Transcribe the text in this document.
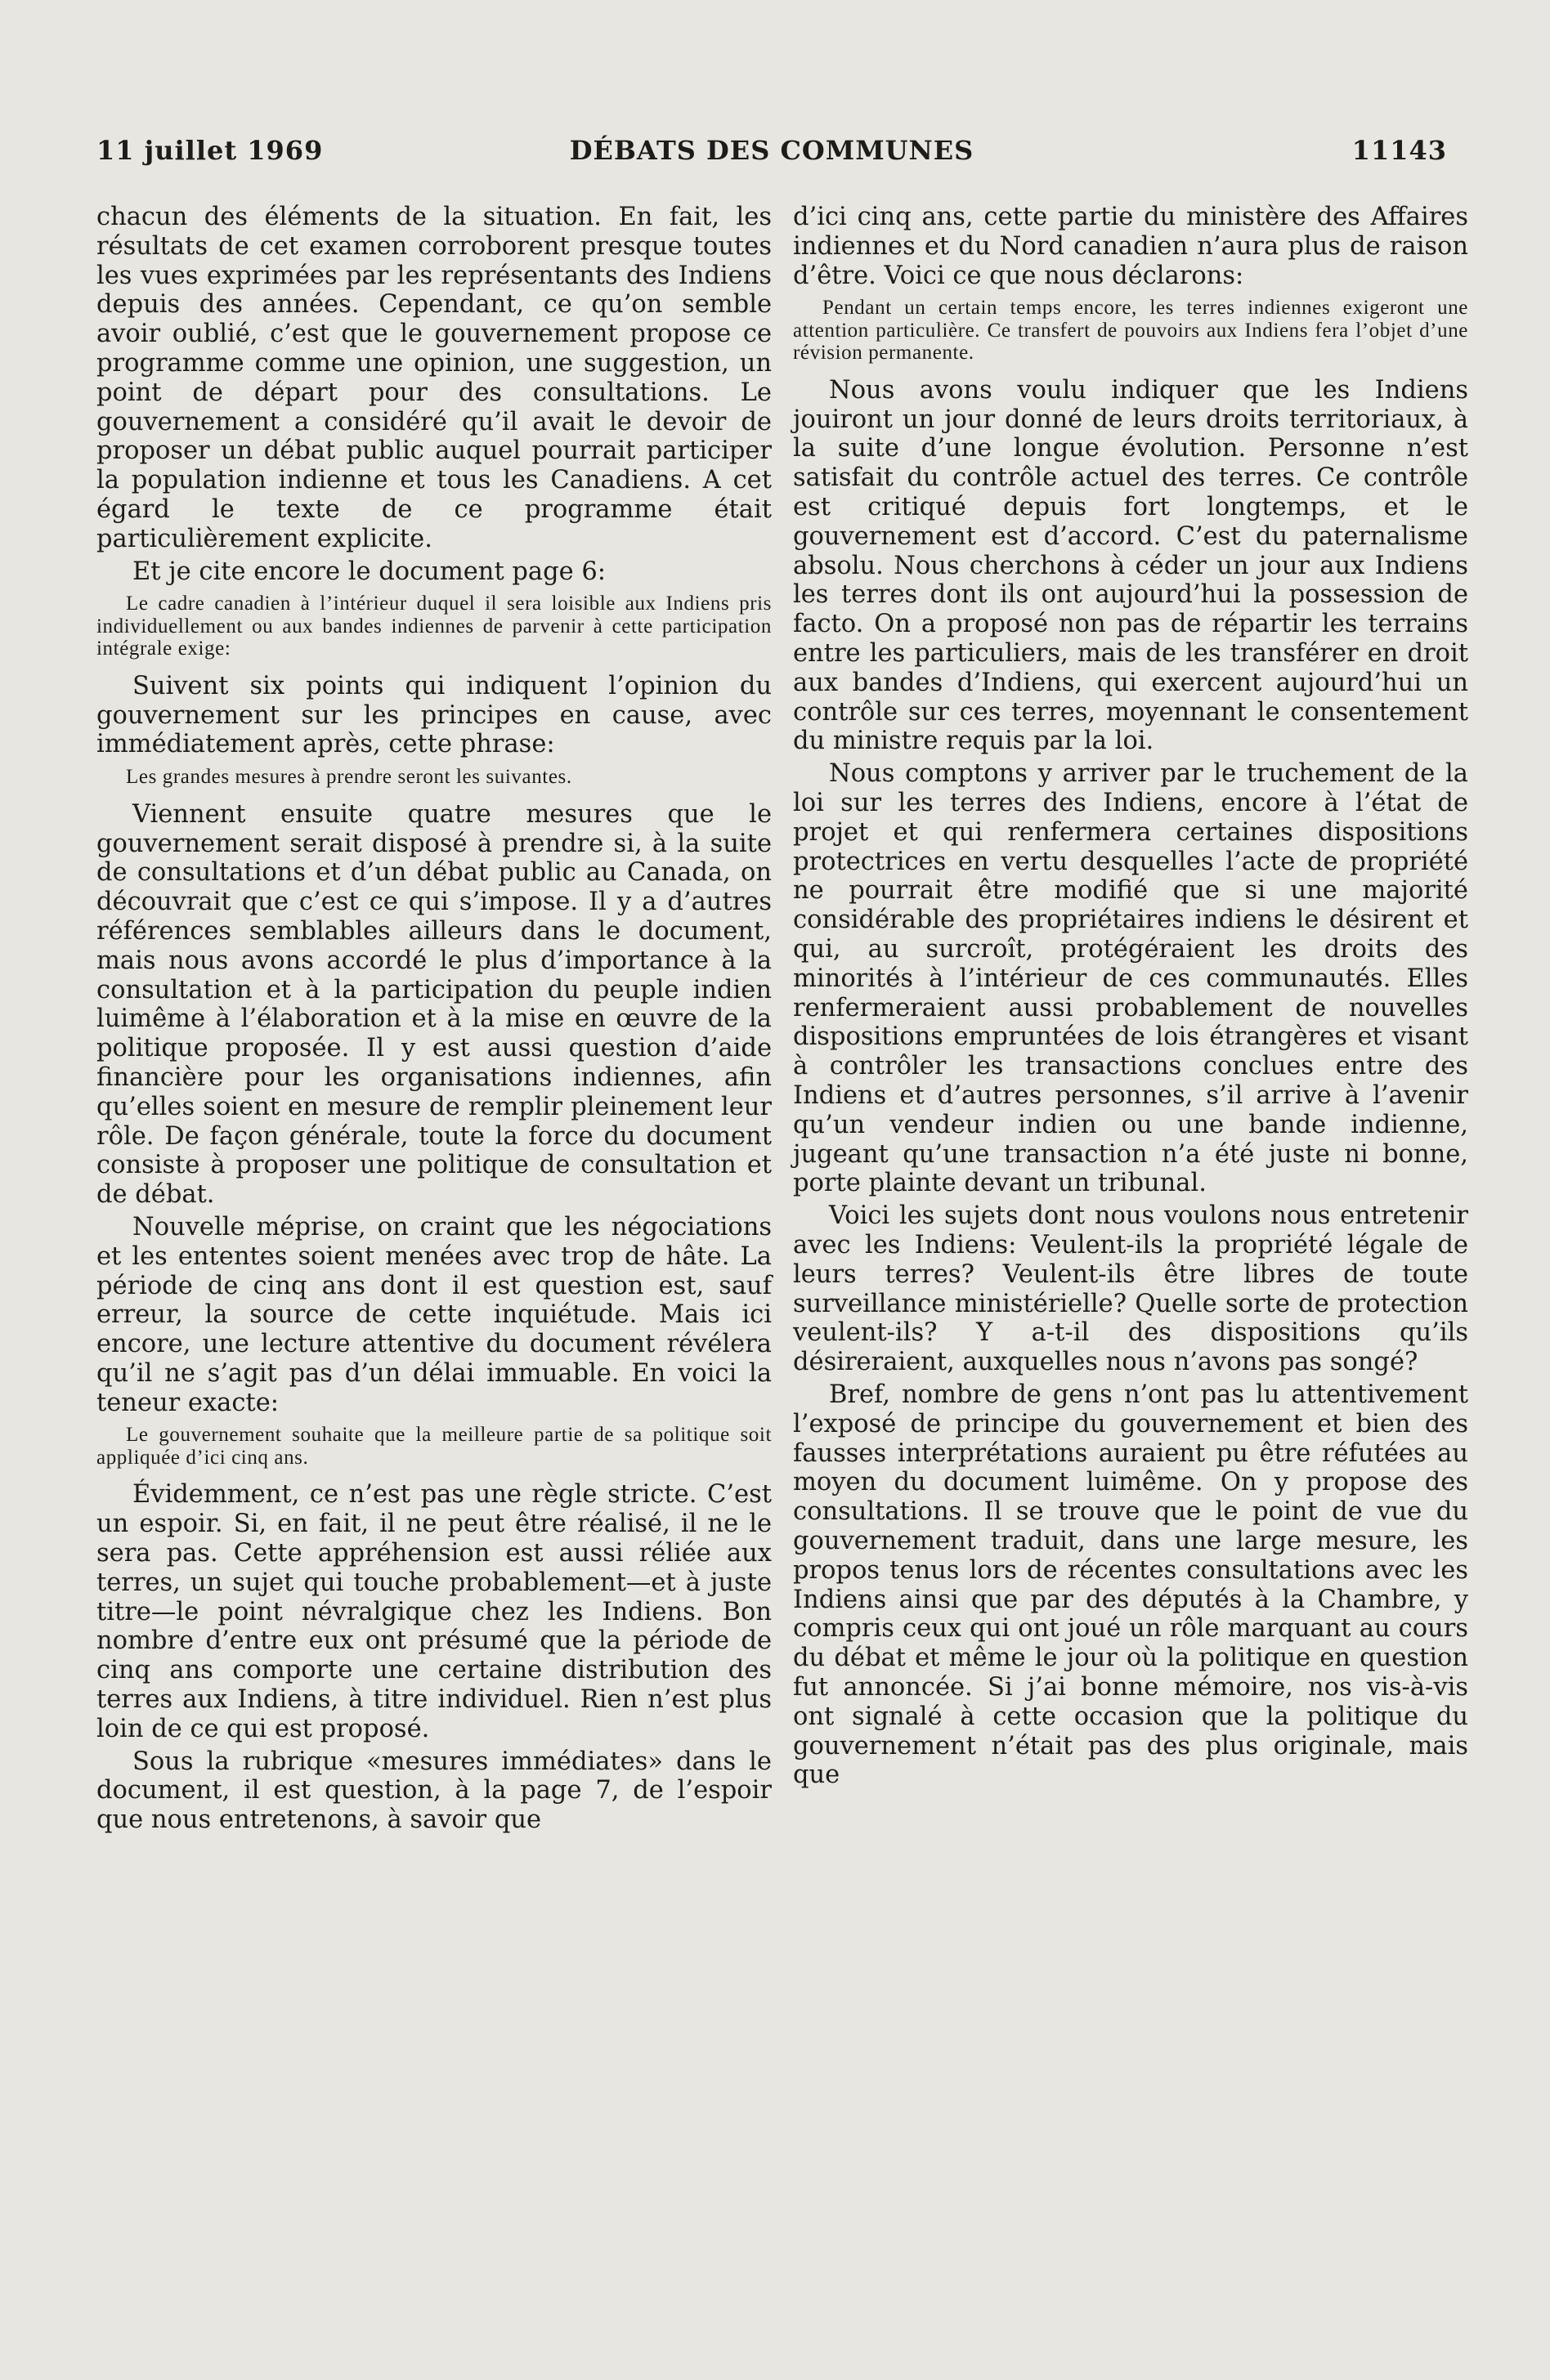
11 juillet 1969	DÉBATS DES COMMUNES	11143

chacun des éléments de la situation. En fait, les résultats de cet examen corroborent presque toutes les vues exprimées par les représentants des Indiens depuis des années. Cependant, ce qu’on semble avoir oublié, c’est que le gouvernement propose ce programme comme une opinion, une suggestion, un point de départ pour des consultations. Le gouvernement a considéré qu’il avait le devoir de proposer un débat public auquel pourrait participer la population indienne et tous les Canadiens. A cet égard le texte de ce programme était particulièrement explicite.

Et je cite encore le document page 6:

Le cadre canadien à l’intérieur duquel il sera loisible aux Indiens pris individuellement ou aux bandes indiennes de parvenir à cette participation intégrale exige:

Suivent six points qui indiquent l’opinion du gouvernement sur les principes en cause, avec immédiatement après, cette phrase:

Les grandes mesures à prendre seront les suivantes.

Viennent ensuite quatre mesures que le gouvernement serait disposé à prendre si, à la suite de consultations et d’un débat public au Canada, on découvrait que c’est ce qui s’impose. Il y a d’autres références semblables ailleurs dans le document, mais nous avons accordé le plus d’importance à la consultation et à la participation du peuple indien luimême à l’élaboration et à la mise en œuvre de la politique proposée. Il y est aussi question d’aide financière pour les organisations indiennes, afin qu’elles soient en mesure de remplir pleinement leur rôle. De façon générale, toute la force du document consiste à proposer une politique de consultation et de débat.

Nouvelle méprise, on craint que les négociations et les ententes soient menées avec trop de hâte. La période de cinq ans dont il est question est, sauf erreur, la source de cette inquiétude. Mais ici encore, une lecture attentive du document révélera qu’il ne s’agit pas d’un délai immuable. En voici la teneur exacte:

Le gouvernement souhaite que la meilleure partie de sa politique soit appliquée d’ici cinq ans.

Évidemment, ce n’est pas une règle stricte. C’est un espoir. Si, en fait, il ne peut être réalisé, il ne le sera pas. Cette appréhension est aussi réliée aux terres, un sujet qui touche probablement—et à juste titre—le point névralgique chez les Indiens. Bon nombre d’entre eux ont présumé que la période de cinq ans comporte une certaine distribution des terres aux Indiens, à titre individuel. Rien n’est plus loin de ce qui est proposé.

Sous la rubrique «mesures immédiates» dans le document, il est question, à la page 7, de l’espoir que nous entretenons, à savoir que

d’ici cinq ans, cette partie du ministère des Affaires indiennes et du Nord canadien n’aura plus de raison d’être. Voici ce que nous déclarons:

Pendant un certain temps encore, les terres indiennes exigeront une attention particulière. Ce transfert de pouvoirs aux Indiens fera l’objet d’une révision permanente.

Nous avons voulu indiquer que les Indiens jouiront un jour donné de leurs droits territoriaux, à la suite d’une longue évolution. Personne n’est satisfait du contrôle actuel des terres. Ce contrôle est critiqué depuis fort longtemps, et le gouvernement est d’accord. C’est du paternalisme absolu. Nous cherchons à céder un jour aux Indiens les terres dont ils ont aujourd’hui la possession de facto. On a proposé non pas de répartir les terrains entre les particuliers, mais de les transférer en droit aux bandes d’Indiens, qui exercent aujourd’hui un contrôle sur ces terres, moyennant le consentement du ministre requis par la loi.

Nous comptons y arriver par le truchement de la loi sur les terres des Indiens, encore à l’état de projet et qui renfermera certaines dispositions protectrices en vertu desquelles l’acte de propriété ne pourrait être modifié que si une majorité considérable des propriétaires indiens le désirent et qui, au surcroît, protégéraient les droits des minorités à l’intérieur de ces communautés. Elles renfermeraient aussi probablement de nouvelles dispositions empruntées de lois étrangères et visant à contrôler les transactions conclues entre des Indiens et d’autres personnes, s’il arrive à l’avenir qu’un vendeur indien ou une bande indienne, jugeant qu’une transaction n’a été juste ni bonne, porte plainte devant un tribunal.

Voici les sujets dont nous voulons nous entretenir avec les Indiens: Veulent-ils la propriété légale de leurs terres? Veulent-ils être libres de toute surveillance ministérielle? Quelle sorte de protection veulent-ils? Y a-t-il des dispositions qu’ils désireraient, auxquelles nous n’avons pas songé?

Bref, nombre de gens n’ont pas lu attentivement l’exposé de principe du gouvernement et bien des fausses interprétations auraient pu être réfutées au moyen du document luimême. On y propose des consultations. Il se trouve que le point de vue du gouvernement traduit, dans une large mesure, les propos tenus lors de récentes consultations avec les Indiens ainsi que par des députés à la Chambre, y compris ceux qui ont joué un rôle marquant au cours du débat et même le jour où la politique en question fut annoncée. Si j’ai bonne mémoire, nos vis-à-vis ont signalé à cette occasion que la politique du gouvernement n’était pas des plus originale, mais que
